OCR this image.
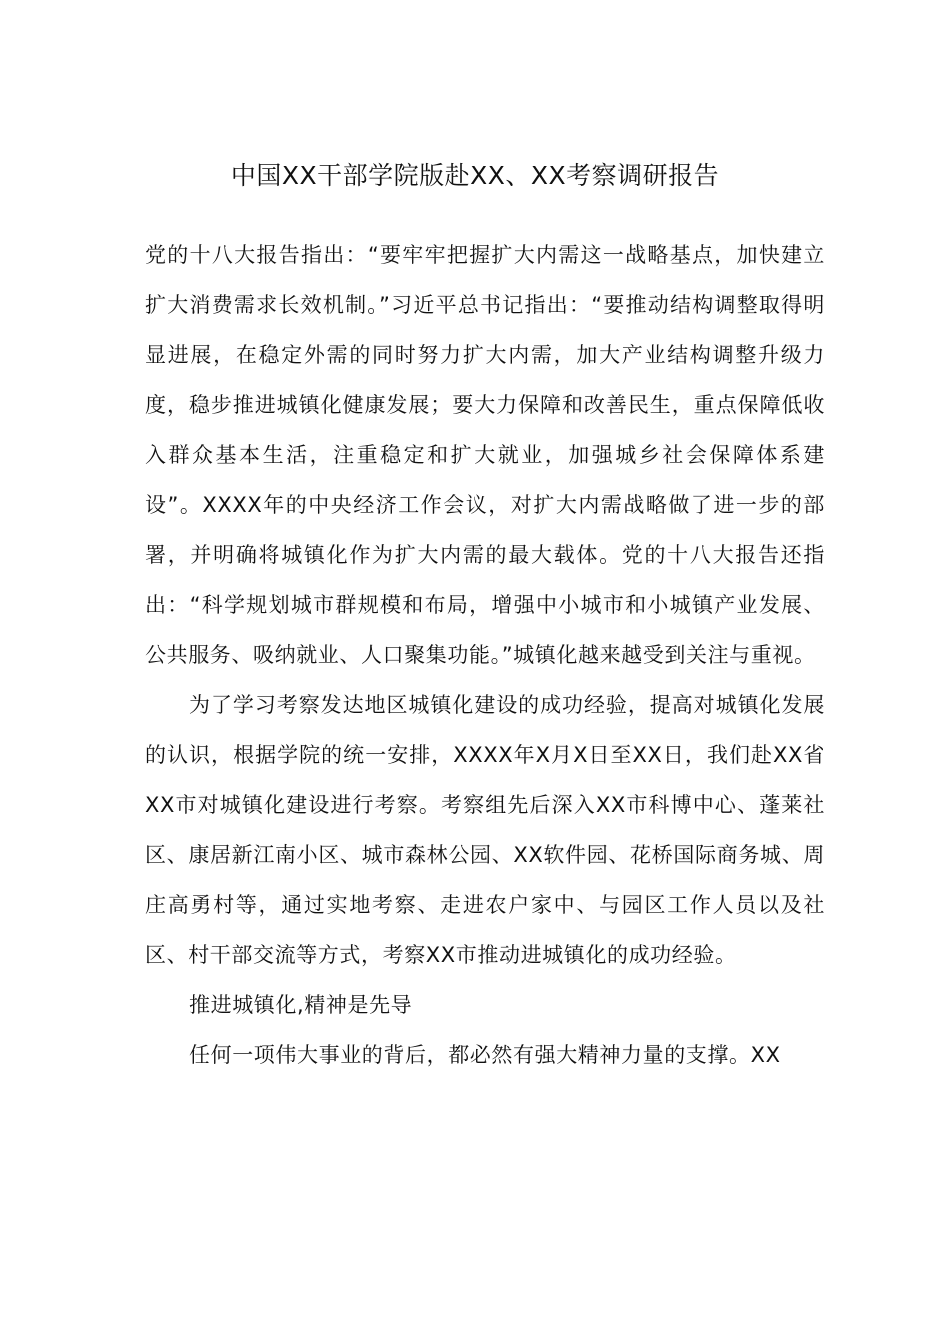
中国XX干部学院版赴XX、XX考察调研报告

党的十八大报告指出：“要牢牢把握扩大内需这一战略基点，加快建立扩大消费需求长效机制。”习近平总书记指出：“要推动结构调整取得明显进展，在稳定外需的同时努力扩大内需，加大产业结构调整升级力度，稳步推进城镇化健康发展；要大力保障和改善民生，重点保障低收入群众基本生活，注重稳定和扩大就业，加强城乡社会保障体系建设”。XXXX年的中央经济工作会议，对扩大内需战略做了进一步的部署，并明确将城镇化作为扩大内需的最大载体。党的十八大报告还指出：“科学规划城市群规模和布局，增强中小城市和小城镇产业发展、公共服务、吸纳就业、人口聚集功能。”城镇化越来越受到关注与重视。

为了学习考察发达地区城镇化建设的成功经验，提高对城镇化发展的认识，根据学院的统一安排，XXXX年X月X日至XX日，我们赴XX省XX市对城镇化建设进行考察。考察组先后深入XX市科博中心、蓬莱社区、康居新江南小区、城市森林公园、XX软件园、花桥国际商务城、周庄高勇村等，通过实地考察、走进农户家中、与园区工作人员以及社区、村干部交流等方式，考察XX市推动进城镇化的成功经验。

推进城镇化,精神是先导

任何一项伟大事业的背后，都必然有强大精神力量的支撑。XX
